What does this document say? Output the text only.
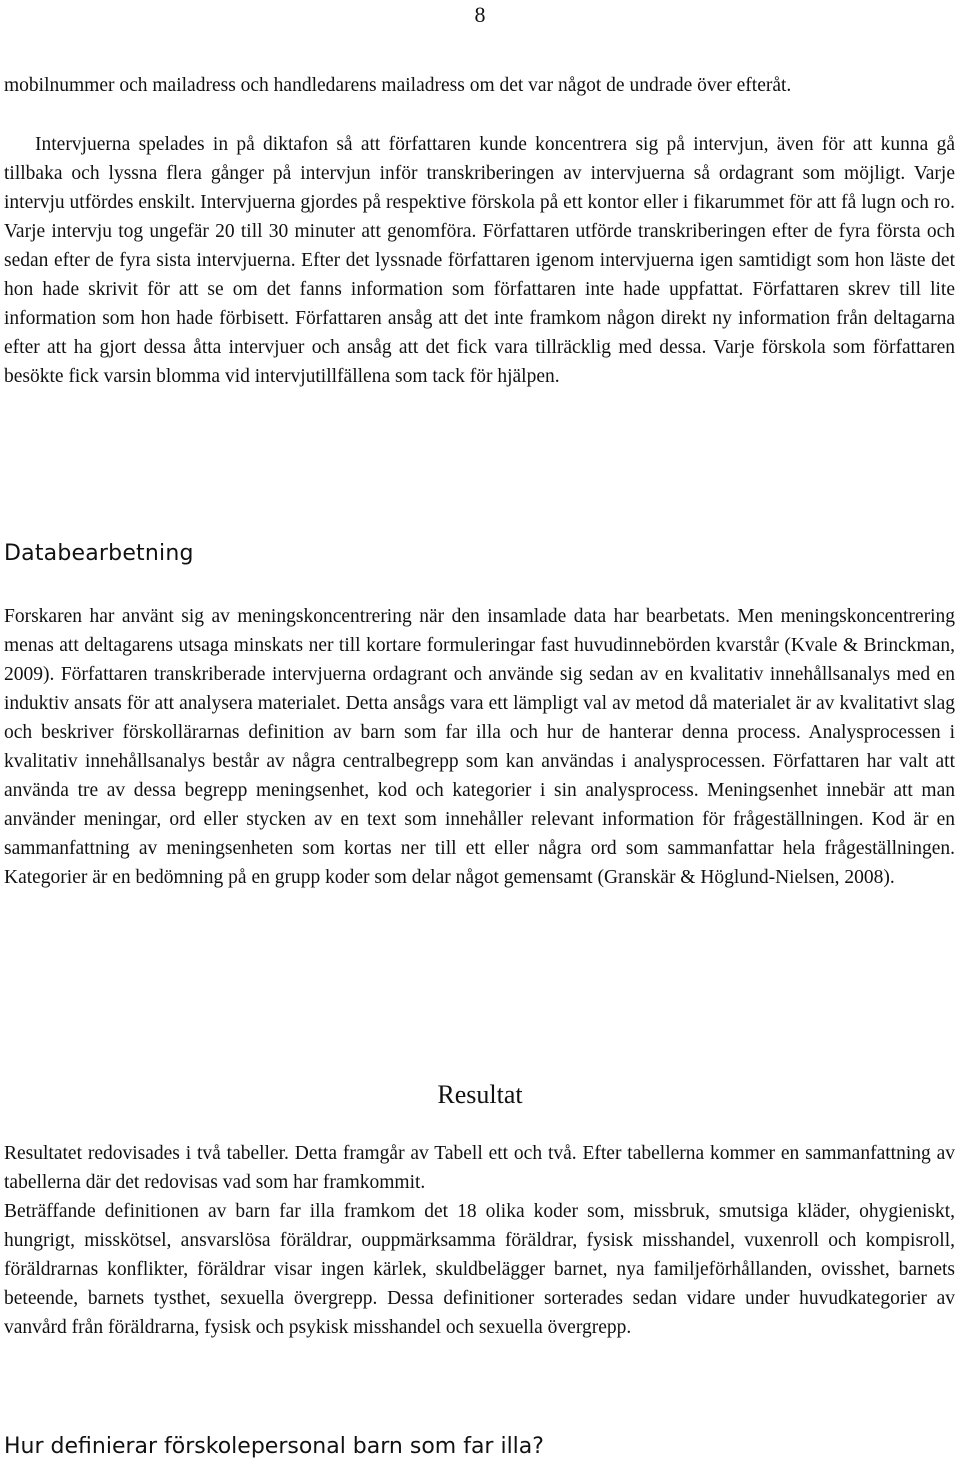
8

mobilnummer och mailadress och handledarens mailadress om det var något de undrade över efteråt.

Intervjuerna spelades in på diktafon så att författaren kunde koncentrera sig på intervjun, även för att kunna gå tillbaka och lyssna flera gånger på intervjun inför transkriberingen av intervjuerna så ordagrant som möjligt. Varje intervju utfördes enskilt. Intervjuerna gjordes på respektive förskola på ett kontor eller i fikarummet för att få lugn och ro. Varje intervju tog ungefär 20 till 30 minuter att genomföra. Författaren utförde transkriberingen efter de fyra första och sedan efter de fyra sista intervjuerna. Efter det lyssnade författaren igenom intervjuerna igen samtidigt som hon läste det hon hade skrivit för att se om det fanns information som författaren inte hade uppfattat. Författaren skrev till lite information som hon hade förbisett. Författaren ansåg att det inte framkom någon direkt ny information från deltagarna efter att ha gjort dessa åtta intervjuer och ansåg att det fick vara tillräcklig med dessa. Varje förskola som författaren besökte fick varsin blomma vid intervjutillfällena som tack för hjälpen.

Databearbetning

Forskaren har använt sig av meningskoncentrering när den insamlade data har bearbetats. Men meningskoncentrering menas att deltagarens utsaga minskats ner till kortare formuleringar fast huvudinnebörden kvarstår (Kvale & Brinckman, 2009). Författaren transkriberade intervjuerna ordagrant och använde sig sedan av en kvalitativ innehållsanalys med en induktiv ansats för att analysera materialet. Detta ansågs vara ett lämpligt val av metod då materialet är av kvalitativt slag och beskriver förskollärarnas definition av barn som far illa och hur de hanterar denna process. Analysprocessen i kvalitativ innehållsanalys består av några centralbegrepp som kan användas i analysprocessen. Författaren har valt att använda tre av dessa begrepp meningsenhet, kod och kategorier i sin analysprocess. Meningsenhet innebär att man använder meningar, ord eller stycken av en text som innehåller relevant information för frågeställningen. Kod är en sammanfattning av meningsenheten som kortas ner till ett eller några ord som sammanfattar hela frågeställningen. Kategorier är en bedömning på en grupp koder som delar något gemensamt (Granskär & Höglund-Nielsen, 2008).

Resultat

Resultatet redovisades i två tabeller. Detta framgår av Tabell ett och två. Efter tabellerna kommer en sammanfattning av tabellerna där det redovisas vad som har framkommit.

Beträffande definitionen av barn far illa framkom det 18 olika koder som, missbruk, smutsiga kläder, ohygieniskt, hungrigt, misskötsel, ansvarslösa föräldrar, ouppmärksamma föräldrar, fysisk misshandel, vuxenroll och kompisroll, föräldrarnas konflikter, föräldrar visar ingen kärlek, skuldbelägger barnet, nya familjeförhållanden, ovisshet, barnets beteende, barnets tysthet, sexuella övergrepp. Dessa definitioner sorterades sedan vidare under huvudkategorier av vanvård från föräldrarna, fysisk och psykisk misshandel och sexuella övergrepp.

Hur definierar förskolepersonal barn som far illa?
